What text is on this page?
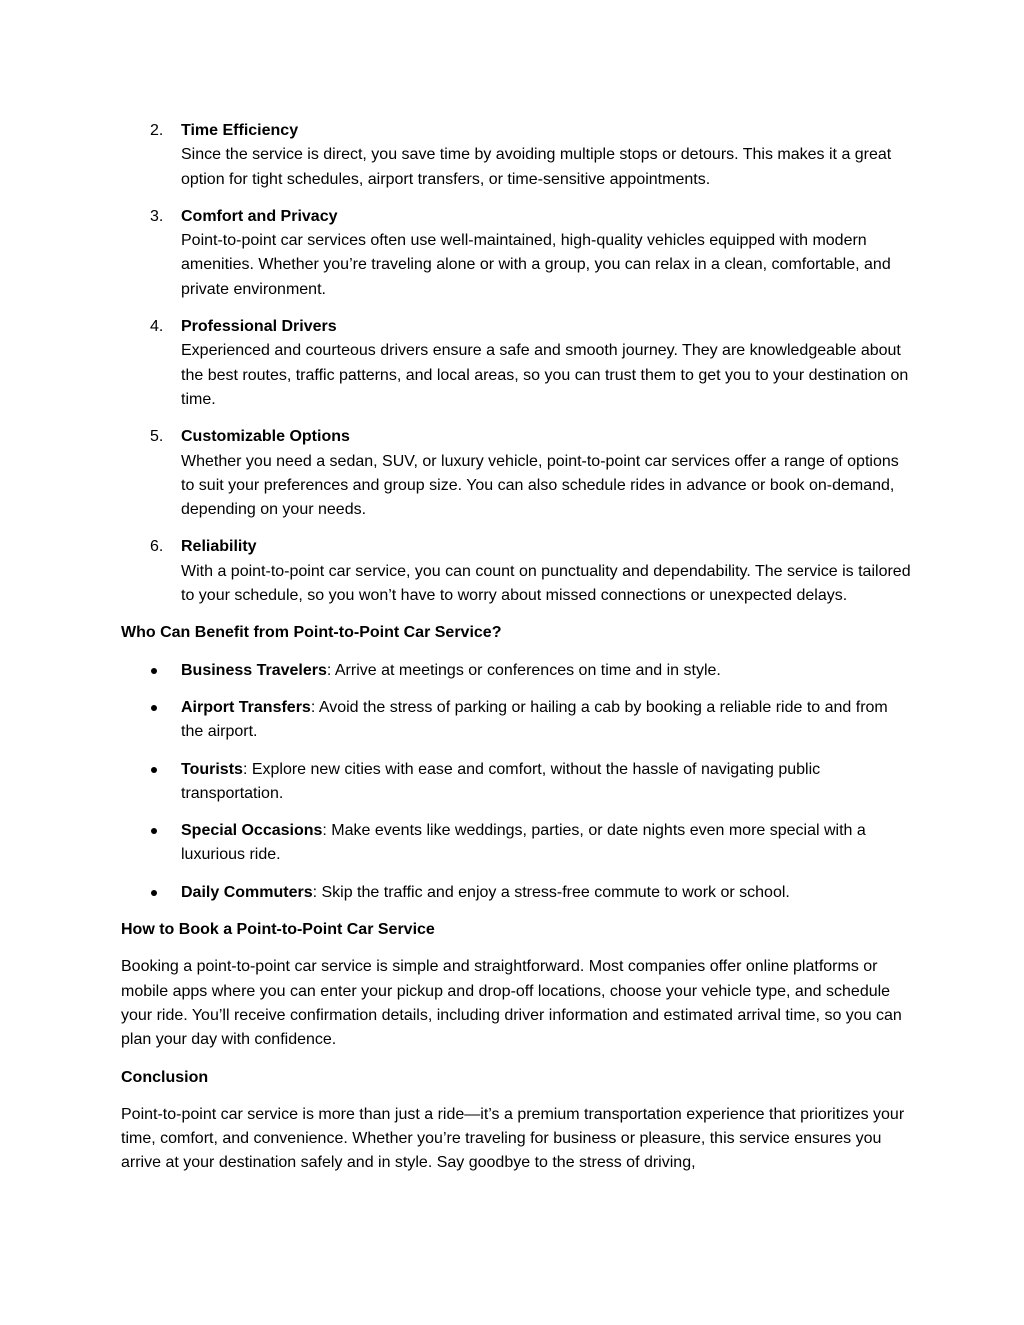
2. Time Efficiency
Since the service is direct, you save time by avoiding multiple stops or detours. This makes it a great option for tight schedules, airport transfers, or time-sensitive appointments.
3. Comfort and Privacy
Point-to-point car services often use well-maintained, high-quality vehicles equipped with modern amenities. Whether you’re traveling alone or with a group, you can relax in a clean, comfortable, and private environment.
4. Professional Drivers
Experienced and courteous drivers ensure a safe and smooth journey. They are knowledgeable about the best routes, traffic patterns, and local areas, so you can trust them to get you to your destination on time.
5. Customizable Options
Whether you need a sedan, SUV, or luxury vehicle, point-to-point car services offer a range of options to suit your preferences and group size. You can also schedule rides in advance or book on-demand, depending on your needs.
6. Reliability
With a point-to-point car service, you can count on punctuality and dependability. The service is tailored to your schedule, so you won’t have to worry about missed connections or unexpected delays.

Who Can Benefit from Point-to-Point Car Service?

Business Travelers: Arrive at meetings or conferences on time and in style.
Airport Transfers: Avoid the stress of parking or hailing a cab by booking a reliable ride to and from the airport.
Tourists: Explore new cities with ease and comfort, without the hassle of navigating public transportation.
Special Occasions: Make events like weddings, parties, or date nights even more special with a luxurious ride.
Daily Commuters: Skip the traffic and enjoy a stress-free commute to work or school.

How to Book a Point-to-Point Car Service

Booking a point-to-point car service is simple and straightforward. Most companies offer online platforms or mobile apps where you can enter your pickup and drop-off locations, choose your vehicle type, and schedule your ride. You’ll receive confirmation details, including driver information and estimated arrival time, so you can plan your day with confidence.

Conclusion

Point-to-point car service is more than just a ride—it’s a premium transportation experience that prioritizes your time, comfort, and convenience. Whether you’re traveling for business or pleasure, this service ensures you arrive at your destination safely and in style. Say goodbye to the stress of driving,
